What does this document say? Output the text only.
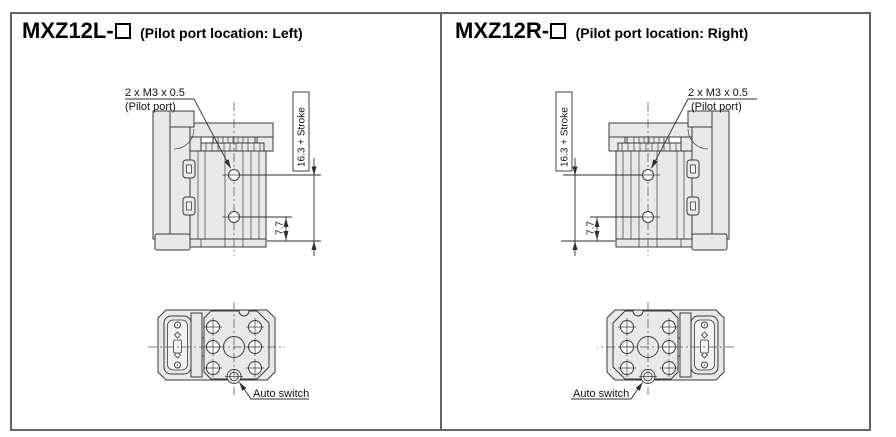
MXZ12L- (Pilot port location: Left)
2 x M3 x 0.5
(Pilot port)
16.3 + Stroke
7.7
Auto switch
MXZ12R- (Pilot port location: Right)
2 x M3 x 0.5
(Pilot port)
16.3 + Stroke
7.7
Auto switch
